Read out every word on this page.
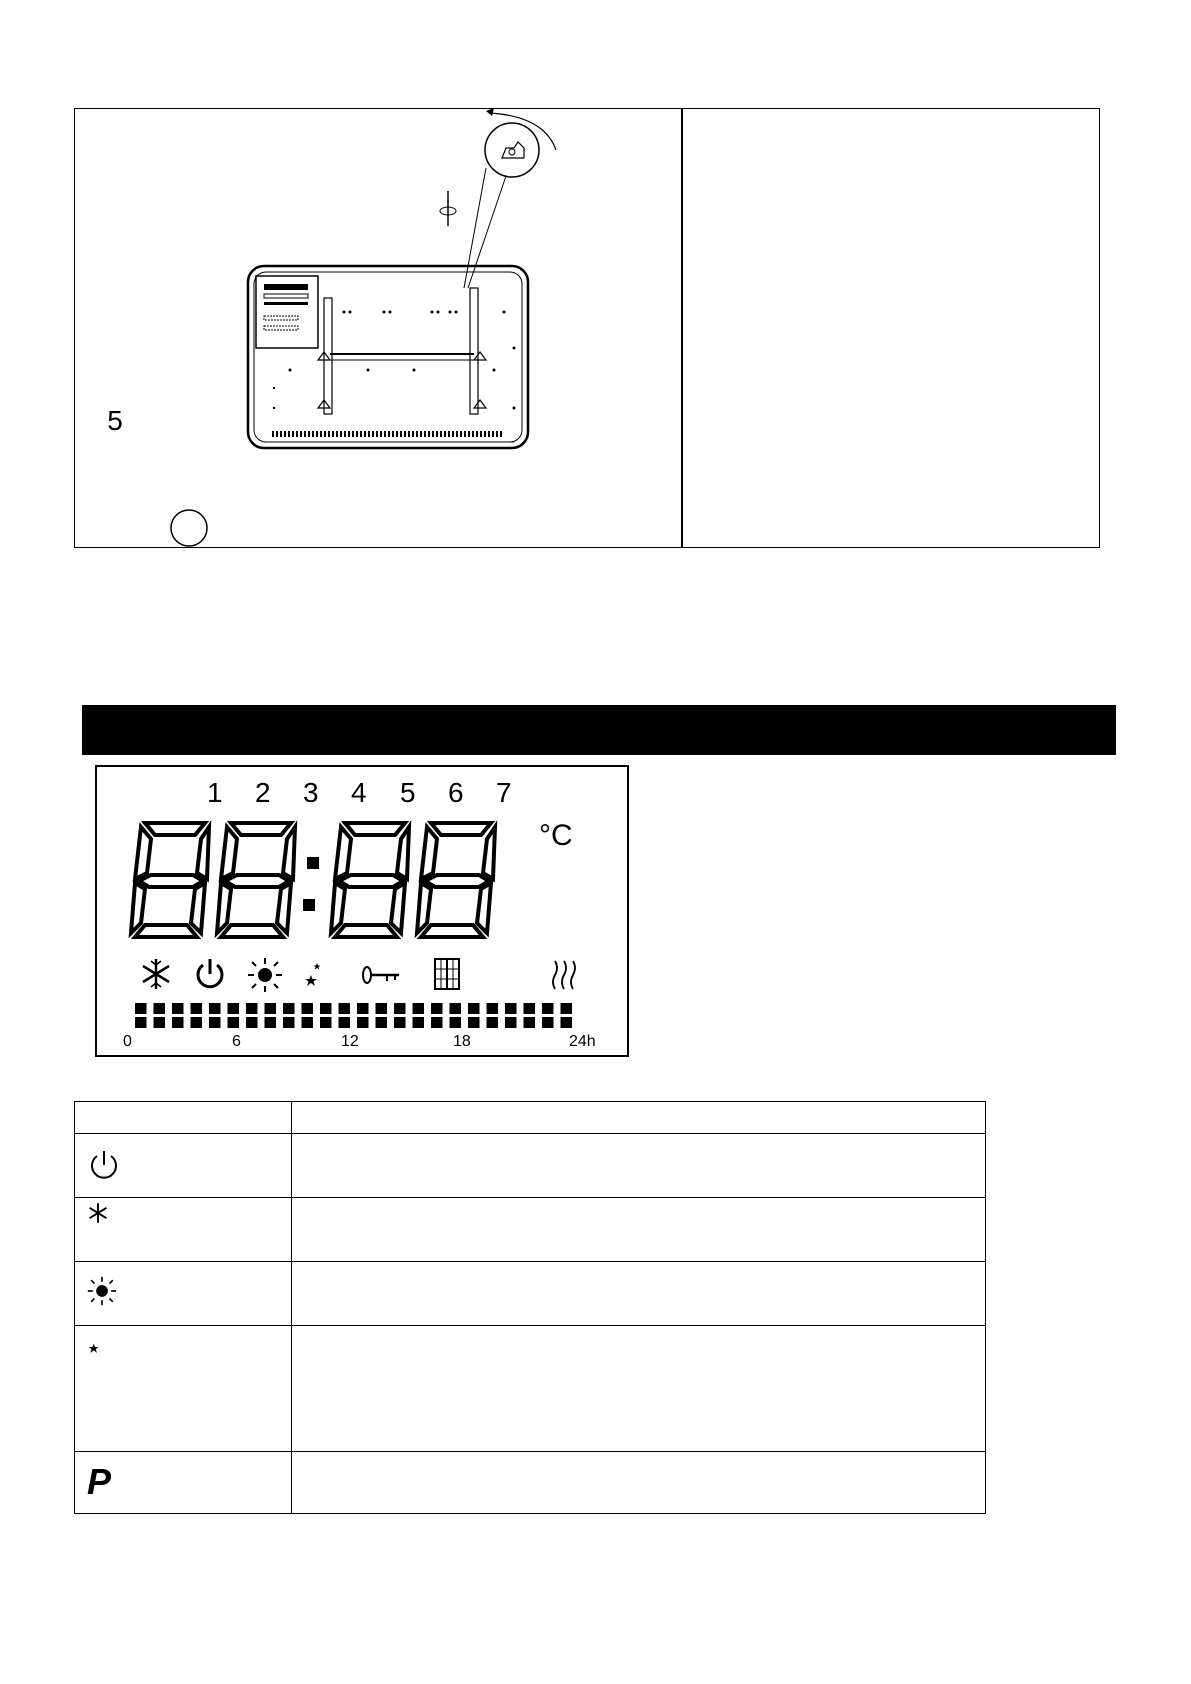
5
1 2 3 4 5 6 7
°C
0	6	12	18	24h

P	
